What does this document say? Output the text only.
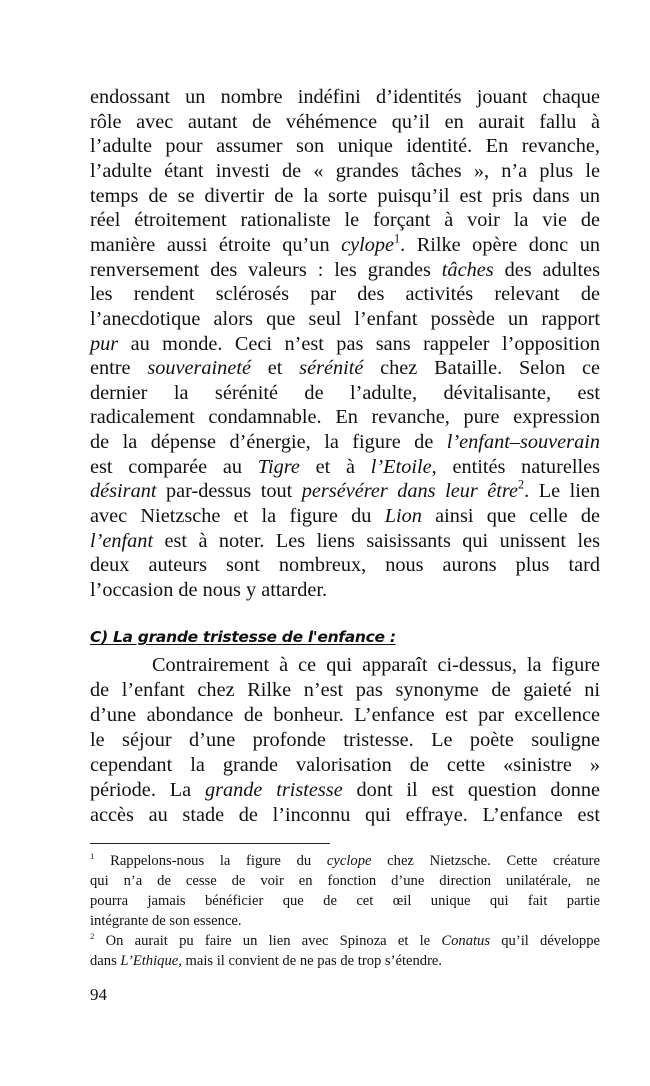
endossant un nombre indéfini d’identités jouant chaque
rôle avec autant de véhémence qu’il en aurait fallu à
l’adulte pour assumer son unique identité. En revanche,
l’adulte étant investi de « grandes tâches », n’a plus le
temps de se divertir de la sorte puisqu’il est pris dans un
réel étroitement rationaliste le forçant à voir la vie de
manière aussi étroite qu’un cylope$^1$. Rilke opère donc un
renversement des valeurs : les grandes tâches des adultes
les rendent sclérosés par des activités relevant de
l’anecdotique alors que seul l’enfant possède un rapport
pur au monde. Ceci n’est pas sans rappeler l’opposition
entre souveraineté et sérénité chez Bataille. Selon ce
dernier la sérénité de l’adulte, dévitalisante, est
radicalement condamnable. En revanche, pure expression
de la dépense d’énergie, la figure de l’enfant–souverain
est comparée au Tigre et à l’Etoile, entités naturelles
désirant par-dessus tout persévérer dans leur être$^2$. Le lien
avec Nietzsche et la figure du Lion ainsi que celle de
l’enfant est à noter. Les liens saisissants qui unissent les
deux auteurs sont nombreux, nous aurons plus tard
l’occasion de nous y attarder.
C) La grande tristesse de l'enfance :
Contrairement à ce qui apparaît ci-dessus, la figure
de l’enfant chez Rilke n’est pas synonyme de gaieté ni
d’une abondance de bonheur. L’enfance est par excellence
le séjour d’une profonde tristesse. Le poète souligne
cependant la grande valorisation de cette «sinistre »
période. La grande tristesse dont il est question donne
accès au stade de l’inconnu qui effraye. L’enfance est
$^1$ Rappelons-nous la figure du cyclope chez Nietzsche. Cette créature
qui n’a de cesse de voir en fonction d’une direction unilatérale, ne
pourra jamais bénéficier que de cet œil unique qui fait partie
intégrante de son essence.
$^2$ On aurait pu faire un lien avec Spinoza et le Conatus qu’il développe
dans L’Ethique, mais il convient de ne pas de trop s’étendre.
94
